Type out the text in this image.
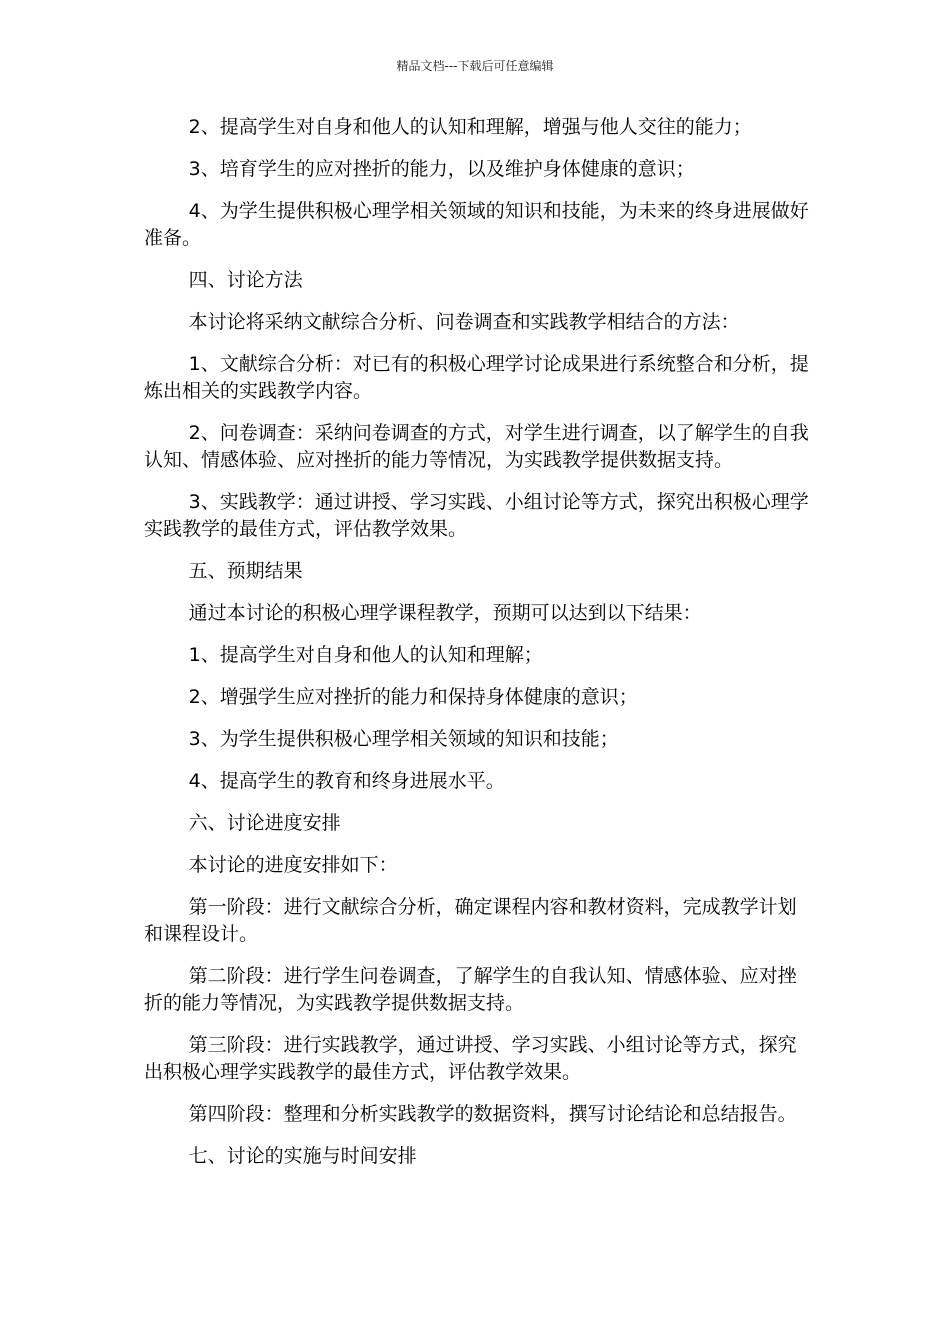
精品文档---下载后可任意编辑

2、提高学生对自身和他人的认知和理解，增强与他人交往的能力；

3、培育学生的应对挫折的能力，以及维护身体健康的意识；

4、为学生提供积极心理学相关领域的知识和技能，为未来的终身进展做好准备。

四、讨论方法

本讨论将采纳文献综合分析、问卷调查和实践教学相结合的方法：

1、文献综合分析：对已有的积极心理学讨论成果进行系统整合和分析，提炼出相关的实践教学内容。

2、问卷调查：采纳问卷调查的方式，对学生进行调查，以了解学生的自我认知、情感体验、应对挫折的能力等情况，为实践教学提供数据支持。

3、实践教学：通过讲授、学习实践、小组讨论等方式，探究出积极心理学实践教学的最佳方式，评估教学效果。

五、预期结果

通过本讨论的积极心理学课程教学，预期可以达到以下结果：

1、提高学生对自身和他人的认知和理解；

2、增强学生应对挫折的能力和保持身体健康的意识；

3、为学生提供积极心理学相关领域的知识和技能；

4、提高学生的教育和终身进展水平。

六、讨论进度安排

本讨论的进度安排如下：

第一阶段：进行文献综合分析，确定课程内容和教材资料，完成教学计划和课程设计。

第二阶段：进行学生问卷调查，了解学生的自我认知、情感体验、应对挫折的能力等情况，为实践教学提供数据支持。

第三阶段：进行实践教学，通过讲授、学习实践、小组讨论等方式，探究出积极心理学实践教学的最佳方式，评估教学效果。

第四阶段：整理和分析实践教学的数据资料，撰写讨论结论和总结报告。

七、讨论的实施与时间安排
